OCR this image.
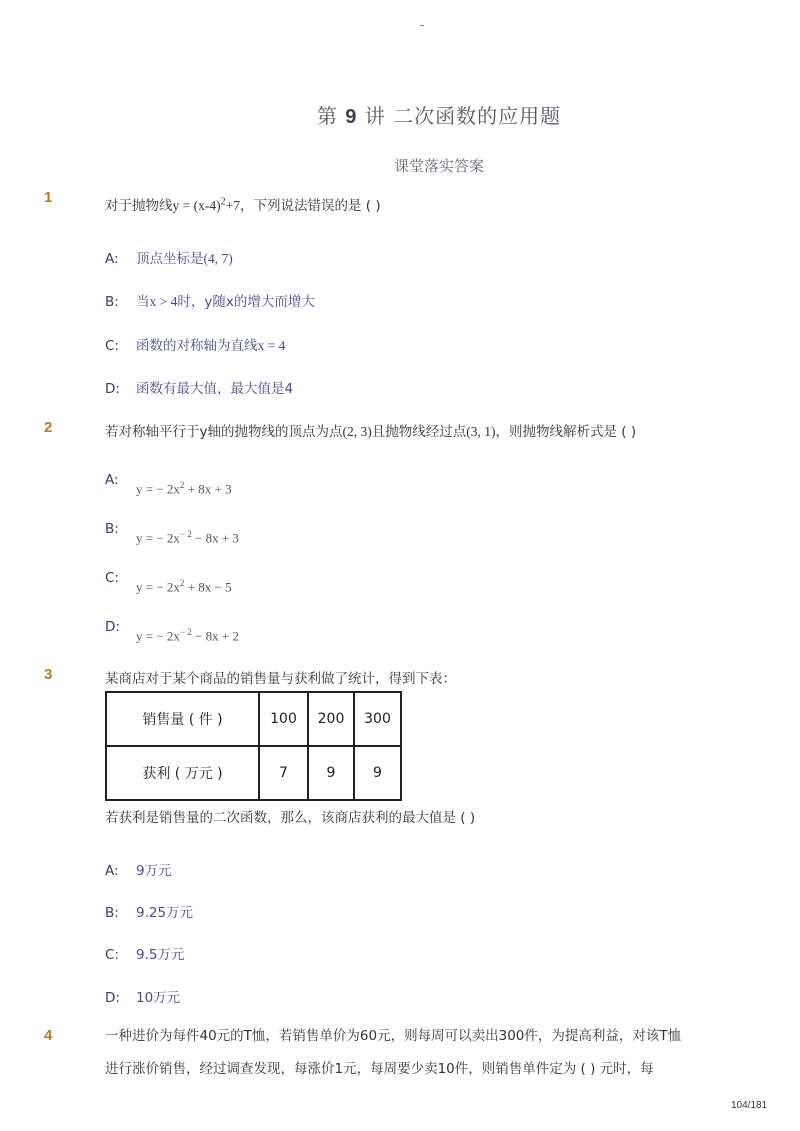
-
第 9 讲 二次函数的应用题
课堂落实答案
1	对于抛物线$y = (x-4)^2+7$，下列说法错误的是 ( )
A: 顶点坐标是(4, 7)
B: 当x > 4时，y随x的增大而增大
C: 函数的对称轴为直线x = 4
D: 函数有最大值，最大值是4
2	若对称轴平行于y轴的抛物线的顶点为点(2, 3)且抛物线经过点(3, 1)，则抛物线解析式是 ( )
A:y = − $2x^2 + 8x + 3$
B:y = − $2x^{- 2} - 8x + 3$
C:y = − $2x^2 + 8x - 5$
D:y = − $2x^{- 2} - 8x + 2$
3	某商店对于某个商品的销售量与获利做了统计，得到下表：
销售量 ( 件 )	100	200	300
获利 ( 万元 )	7	9	9
若获利是销售量的二次函数，那么，该商店获利的最大值是 ( )
A: 9万元
B: 9.25万元
C: 9.5万元
D: 10万元
4	一种进价为每件40元的T恤，若销售单价为60元，则每周可以卖出300件，为提高利益，对该T恤
进行涨价销售，经过调查发现，每涨价1元，每周要少卖10件，则销售单件定为 ( ) 元时，每
104/181
